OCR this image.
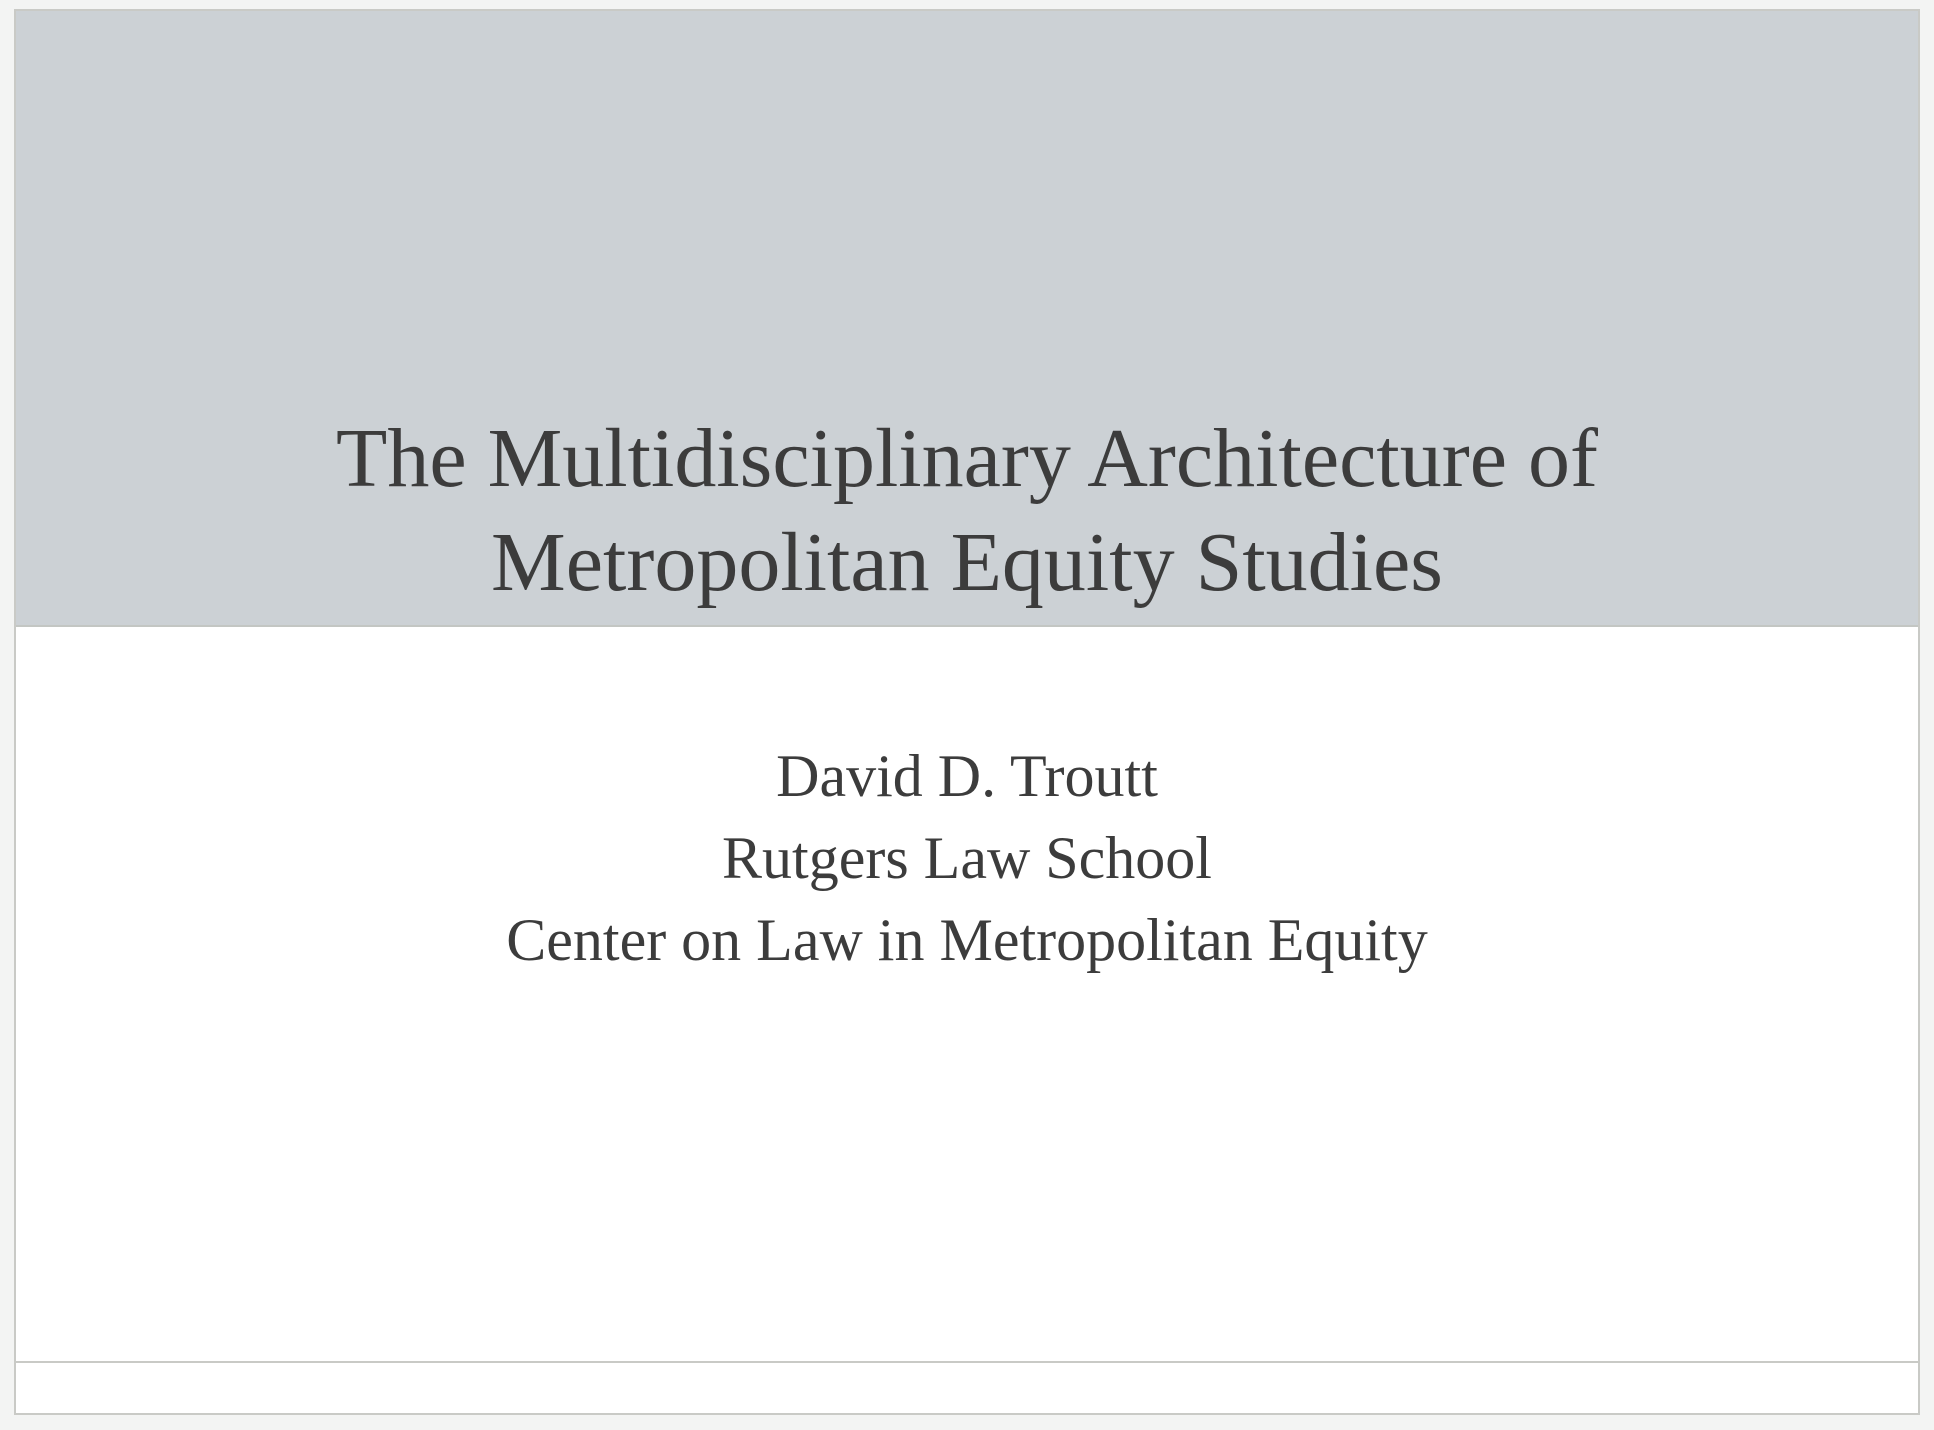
The Multidisciplinary Architecture of
Metropolitan Equity Studies
David D. Troutt
Rutgers Law School
Center on Law in Metropolitan Equity
